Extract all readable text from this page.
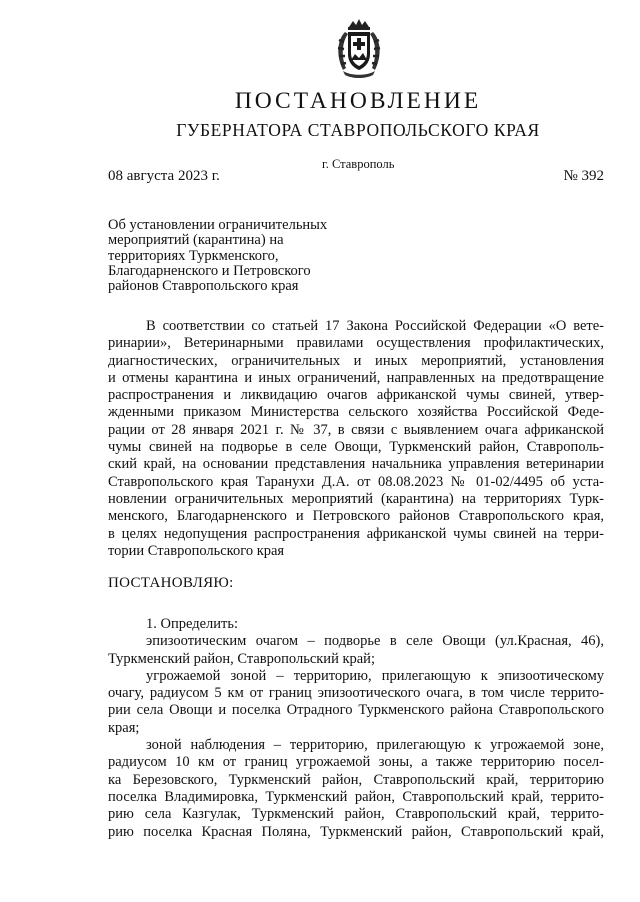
ПОСТАНОВЛЕНИЕ
ГУБЕРНАТОРА СТАВРОПОЛЬСКОГО КРАЯ
г. Ставрополь
08 августа 2023 г.	№ 392
Об установлении ограничительных
мероприятий (карантина) на
территориях Туркменского,
Благодарненского и Петровского
районов Ставропольского края
В соответствии со статьей 17 Закона Российской Федерации «О вете-
ринарии», Ветеринарными правилами осуществления профилактических,
диагностических, ограничительных и иных мероприятий, установления
и отмены карантина и иных ограничений, направленных на предотвращение
распространения и ликвидацию очагов африканской чумы свиней, утвер-
жденными приказом Министерства сельского хозяйства Российской Феде-
рации от 28 января 2021 г. № 37, в связи с выявлением очага африканской
чумы свиней на подворье в селе Овощи, Туркменский район, Ставрополь-
ский край, на основании представления начальника управления ветеринарии
Ставропольского края Таранухи Д.А. от 08.08.2023 № 01-02/4495 об уста-
новлении ограничительных мероприятий (карантина) на территориях Турк-
менского, Благодарненского и Петровского районов Ставропольского края,
в целях недопущения распространения африканской чумы свиней на терри-
тории Ставропольского края
ПОСТАНОВЛЯЮ:
1. Определить:
эпизоотическим очагом – подворье в селе Овощи (ул.Красная, 46),
Туркменский район, Ставропольский край;
угрожаемой зоной – территорию, прилегающую к эпизоотическому
очагу, радиусом 5 км от границ эпизоотического очага, в том числе террито-
рии села Овощи и поселка Отрадного Туркменского района Ставропольского
края;
зоной наблюдения – территорию, прилегающую к угрожаемой зоне,
радиусом 10 км от границ угрожаемой зоны, а также территорию посел-
ка Березовского, Туркменский район, Ставропольский край, территорию
поселка Владимировка, Туркменский район, Ставропольский край, террито-
рию села Казгулак, Туркменский район, Ставропольский край, террито-
рию поселка Красная Поляна, Туркменский район, Ставропольский край,
